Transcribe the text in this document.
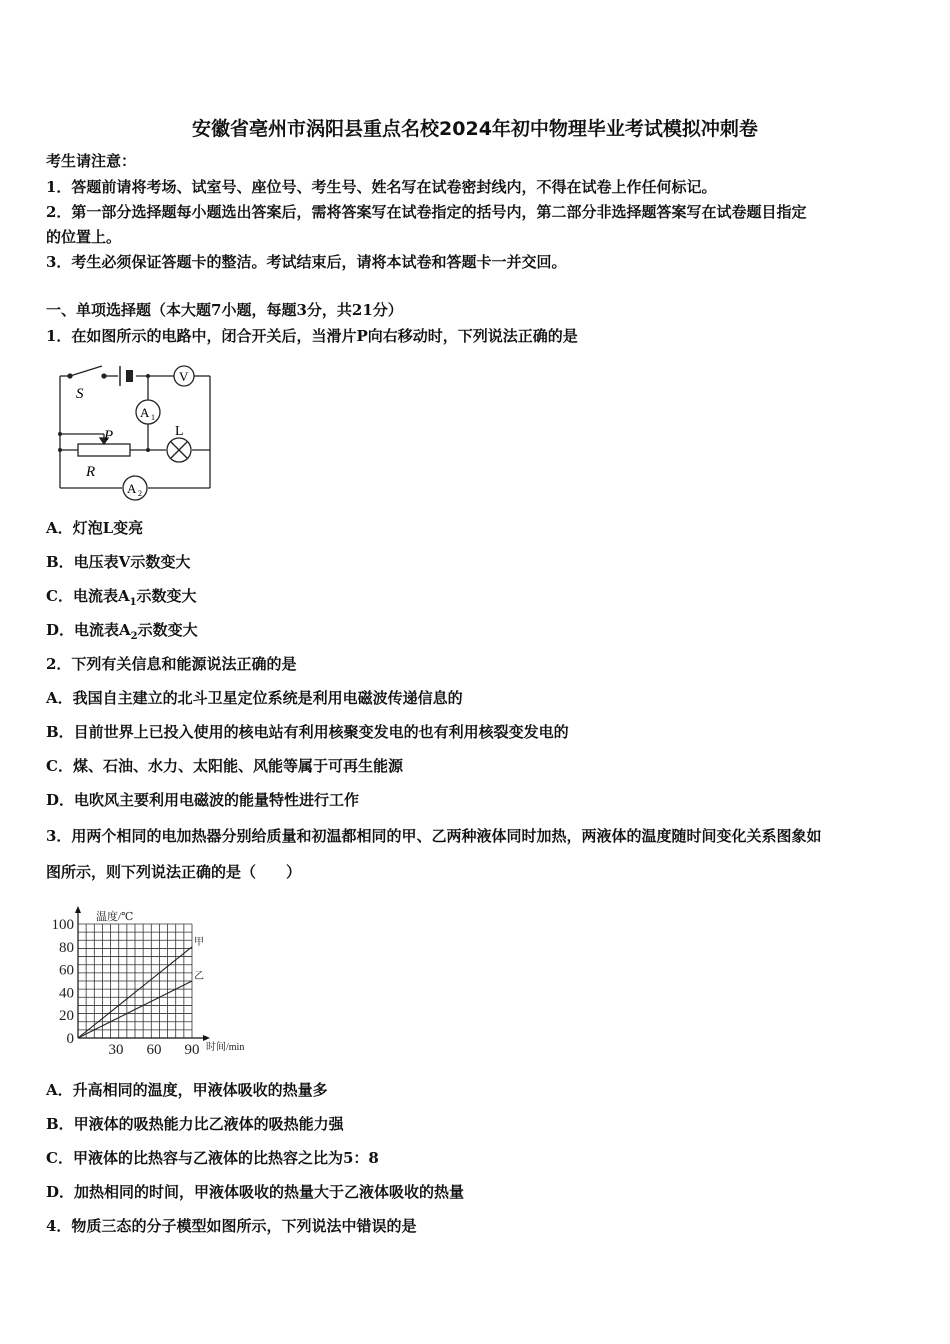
安徽省亳州市涡阳县重点名校2024年初中物理毕业考试模拟冲刺卷
考生请注意：
1．答题前请将考场、试室号、座位号、考生号、姓名写在试卷密封线内，不得在试卷上作任何标记。
2．第一部分选择题每小题选出答案后，需将答案写在试卷指定的括号内，第二部分非选择题答案写在试卷题目指定
的位置上。
3．考生必须保证答题卡的整洁。考试结束后，请将本试卷和答题卡一并交回。
一、单项选择题（本大题7小题，每题3分，共21分）
1．在如图所示的电路中，闭合开关后，当滑片P向右移动时，下列说法正确的是
S
V
A 1
L
P
R
A 2
A．灯泡L变亮
B．电压表V示数变大
C．电流表$A_1$示数变大
D．电流表$A_2$示数变大
2．下列有关信息和能源说法正确的是
A．我国自主建立的北斗卫星定位系统是利用电磁波传递信息的
B．目前世界上已投入使用的核电站有利用核聚变发电的也有利用核裂变发电的
C．煤、石油、水力、太阳能、风能等属于可再生能源
D．电吹风主要利用电磁波的能量特性进行工作
3．用两个相同的电加热器分别给质量和初温都相同的甲、乙两种液体同时加热，两液体的温度随时间变化关系图象如
图所示，则下列说法正确的是（　　）
0
20
40
60
80
100
30 60 90
温度/℃
时间/min
甲
乙
A．升高相同的温度，甲液体吸收的热量多
B．甲液体的吸热能力比乙液体的吸热能力强
C．甲液体的比热容与乙液体的比热容之比为5：8
D．加热相同的时间，甲液体吸收的热量大于乙液体吸收的热量
4．物质三态的分子模型如图所示，下列说法中错误的是
